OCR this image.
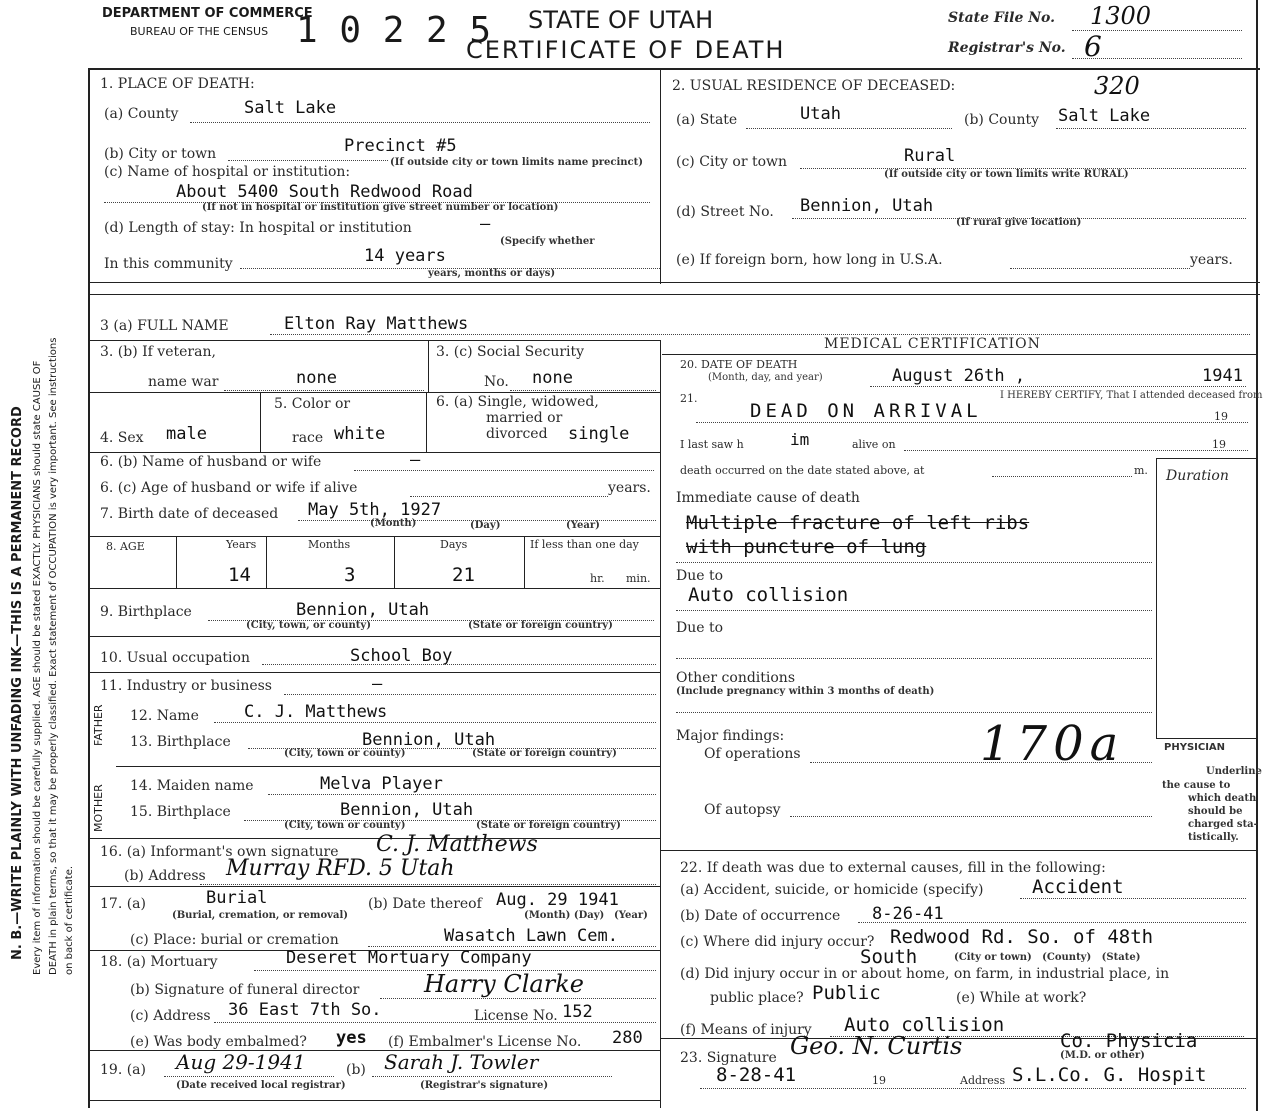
N. B.—WRITE PLAINLY WITH UNFADING INK—THIS IS A PERMANENT RECORD Every item of information should be carefully supplied. AGE should be stated EXACTLY. PHYSICIANS should state CAUSE OF DEATH in plain terms, so that it may be properly classified. Exact statement of OCCUPATION is very important. See instructions on back of certificate.
DEPARTMENT OF COMMERCE
BUREAU OF THE CENSUS 1 0 2 2 5 STATE OF UTAH
CERTIFICATE OF DEATH
State File No. 1300
Registrar's No. 6
1. PLACE OF DEATH:
(a) County	Salt Lake
(b) City or town	Precinct #5
(If outside city or town limits name precinct)
(c) Name of hospital or institution:
About 5400 South Redwood Road
(If not in hospital or institution give street number or location)
(d) Length of stay: In hospital or institution	—
(Specify whether
In this community	14 years
years, months or days)
2. USUAL RESIDENCE OF DECEASED:	320
(a) State	Utah	(b) County Salt Lake
(c) City or town	Rural
(If outside city or town limits write RURAL)
(d) Street No. Bennion, Utah
(If rural give location)
(e) If foreign born, how long in U.S.A.	years.
3 (a) FULL NAME	Elton Ray Matthews
3. (b) If veteran,
name war	none
3. (c) Social Security
No. none
4. Sex male
5. Color or
race white
6. (a) Single, widowed,
married or
divorced single
6. (b) Name of husband or wife	—
6. (c) Age of husband or wife if alive	years.
7. Birth date of deceased May 5th, 1927
(Month)	(Day)	(Year)
8. AGE	Years	Months	Days	If less than one day
14	3	21	hr. min.
9. Birthplace	Bennion, Utah
(City, town, or county)	(State or foreign country)
10. Usual occupation	School Boy
11. Industry or business	—
FATHER
MOTHER
12. Name	C. J. Matthews
13. Birthplace	Bennion, Utah
(City, town or county)	(State or foreign country)
14. Maiden name	Melva Player
15. Birthplace	Bennion, Utah
(City, town or county)	(State or foreign country)
16. (a) Informant's own signature C. J. Matthews
(b) Address Murray RFD. 5 Utah
17. (a)	Burial
(Burial, cremation, or removal)
(b) Date thereof Aug. 29 1941
(Month) (Day) (Year)
(c) Place: burial or cremation	Wasatch Lawn Cem.
18. (a) Mortuary	Deseret Mortuary Company
(b) Signature of funeral director	Harry Clarke
(c) Address 36 East 7th So.	License No. 152
(e) Was body embalmed? yes (f) Embalmer's License No. 280
19. (a) Aug 29-1941
(Date received local registrar)
(b) Sarah J. Towler
(Registrar's signature)
MEDICAL CERTIFICATION
20. DATE OF DEATH
(Month, day, and year)	August 26th ,	1941
21.	I HEREBY CERTIFY, That I attended deceased from
DEAD ON ARRIVAL	19
I last saw h	im	alive on	19
death occurred on the date stated above, at	m. Duration
Immediate cause of death
Multiple fracture of left ribs
with puncture of lung
Due to
Auto collision
Due to
Other conditions
(Include pregnancy within 3 months of death)
Major findings:
Of operations	170a
Of autopsy
PHYSICIAN
Underline
the cause to
which death
should be
charged sta-
tistically.
22. If death was due to external causes, fill in the following:
(a) Accident, suicide, or homicide (specify)	Accident
(b) Date of occurrence 8-26-41
(c) Where did injury occur? Redwood Rd. So. of 48th
South	(City or town)   (County)   (State)
(d) Did injury occur in or about home, on farm, in industrial place, in
public place? Public	(e) While at work?
(f) Means of injury Auto collision
23. Signature Geo. N. Curtis	Co. Physicia
(M.D. or other)
8-28-41	19	Address S.L.Co. G. Hospit
